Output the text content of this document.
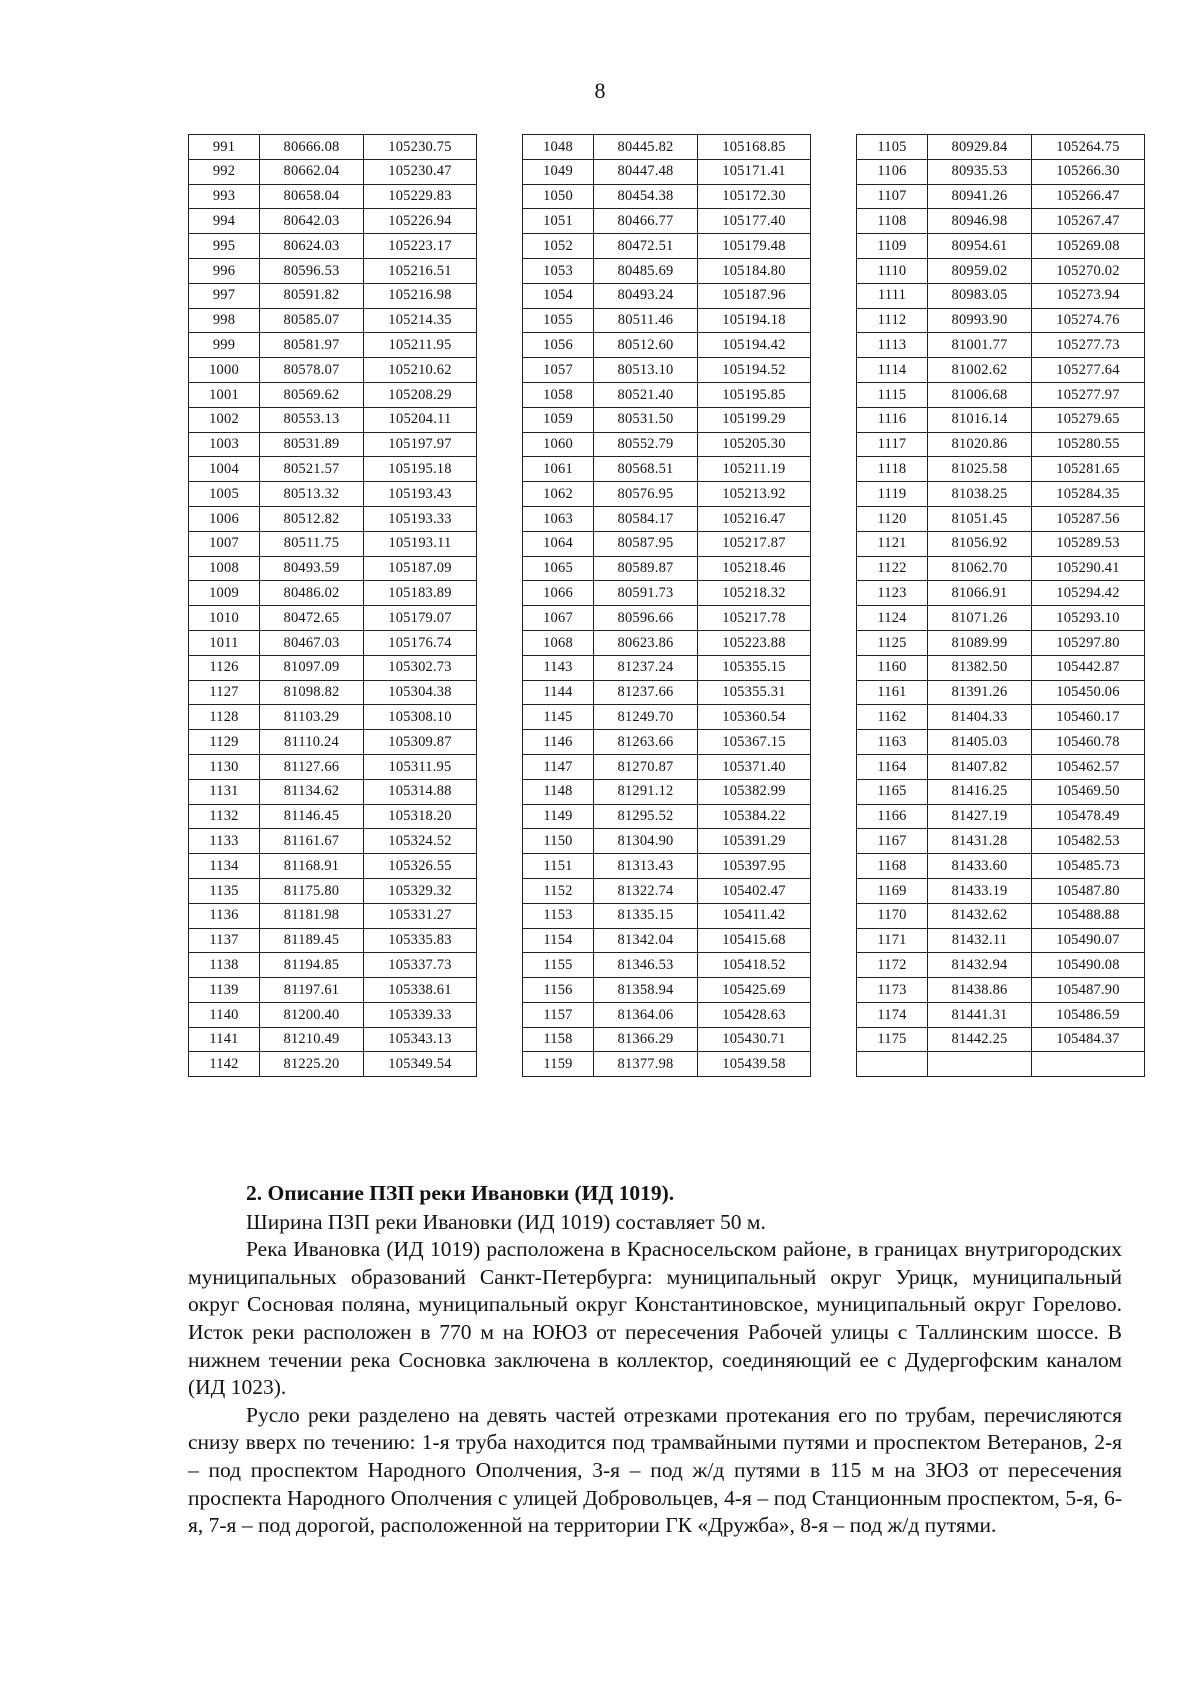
8
991	80666.08	105230.75
992	80662.04	105230.47
993	80658.04	105229.83
994	80642.03	105226.94
995	80624.03	105223.17
996	80596.53	105216.51
997	80591.82	105216.98
998	80585.07	105214.35
999	80581.97	105211.95
1000	80578.07	105210.62
1001	80569.62	105208.29
1002	80553.13	105204.11
1003	80531.89	105197.97
1004	80521.57	105195.18
1005	80513.32	105193.43
1006	80512.82	105193.33
1007	80511.75	105193.11
1008	80493.59	105187.09
1009	80486.02	105183.89
1010	80472.65	105179.07
1011	80467.03	105176.74
1126	81097.09	105302.73
1127	81098.82	105304.38
1128	81103.29	105308.10
1129	81110.24	105309.87
1130	81127.66	105311.95
1131	81134.62	105314.88
1132	81146.45	105318.20
1133	81161.67	105324.52
1134	81168.91	105326.55
1135	81175.80	105329.32
1136	81181.98	105331.27
1137	81189.45	105335.83
1138	81194.85	105337.73
1139	81197.61	105338.61
1140	81200.40	105339.33
1141	81210.49	105343.13
1142	81225.20	105349.54
1048	80445.82	105168.85
1049	80447.48	105171.41
1050	80454.38	105172.30
1051	80466.77	105177.40
1052	80472.51	105179.48
1053	80485.69	105184.80
1054	80493.24	105187.96
1055	80511.46	105194.18
1056	80512.60	105194.42
1057	80513.10	105194.52
1058	80521.40	105195.85
1059	80531.50	105199.29
1060	80552.79	105205.30
1061	80568.51	105211.19
1062	80576.95	105213.92
1063	80584.17	105216.47
1064	80587.95	105217.87
1065	80589.87	105218.46
1066	80591.73	105218.32
1067	80596.66	105217.78
1068	80623.86	105223.88
1143	81237.24	105355.15
1144	81237.66	105355.31
1145	81249.70	105360.54
1146	81263.66	105367.15
1147	81270.87	105371.40
1148	81291.12	105382.99
1149	81295.52	105384.22
1150	81304.90	105391.29
1151	81313.43	105397.95
1152	81322.74	105402.47
1153	81335.15	105411.42
1154	81342.04	105415.68
1155	81346.53	105418.52
1156	81358.94	105425.69
1157	81364.06	105428.63
1158	81366.29	105430.71
1159	81377.98	105439.58
1105	80929.84	105264.75
1106	80935.53	105266.30
1107	80941.26	105266.47
1108	80946.98	105267.47
1109	80954.61	105269.08
1110	80959.02	105270.02
1111	80983.05	105273.94
1112	80993.90	105274.76
1113	81001.77	105277.73
1114	81002.62	105277.64
1115	81006.68	105277.97
1116	81016.14	105279.65
1117	81020.86	105280.55
1118	81025.58	105281.65
1119	81038.25	105284.35
1120	81051.45	105287.56
1121	81056.92	105289.53
1122	81062.70	105290.41
1123	81066.91	105294.42
1124	81071.26	105293.10
1125	81089.99	105297.80
1160	81382.50	105442.87
1161	81391.26	105450.06
1162	81404.33	105460.17
1163	81405.03	105460.78
1164	81407.82	105462.57
1165	81416.25	105469.50
1166	81427.19	105478.49
1167	81431.28	105482.53
1168	81433.60	105485.73
1169	81433.19	105487.80
1170	81432.62	105488.88
1171	81432.11	105490.07
1172	81432.94	105490.08
1173	81438.86	105487.90
1174	81441.31	105486.59
1175	81442.25	105484.37

2. Описание ПЗП реки Ивановки (ИД 1019).

Ширина ПЗП реки Ивановки (ИД 1019) составляет 50 м.

Река Ивановка (ИД 1019) расположена в Красносельском районе, в границах внутригородских муниципальных образований Санкт-Петербурга: муниципальный округ Урицк, муниципальный округ Сосновая поляна, муниципальный округ Константиновское, муниципальный округ Горелово. Исток реки расположен в 770 м на ЮЮЗ от пересечения Рабочей улицы с Таллинским шоссе. В нижнем течении река Сосновка заключена в коллектор, соединяющий ее с Дудергофским каналом (ИД 1023).

Русло реки разделено на девять частей отрезками протекания его по трубам, перечисляются снизу вверх по течению: 1-я труба находится под трамвайными путями и проспектом Ветеранов, 2-я – под проспектом Народного Ополчения, 3-я – под ж/д путями в 115 м на ЗЮЗ от пересечения проспекта Народного Ополчения с улицей Добровольцев, 4-я – под Станционным проспектом, 5-я, 6-я, 7-я – под дорогой, расположенной на территории ГК «Дружба», 8-я – под ж/д путями.
